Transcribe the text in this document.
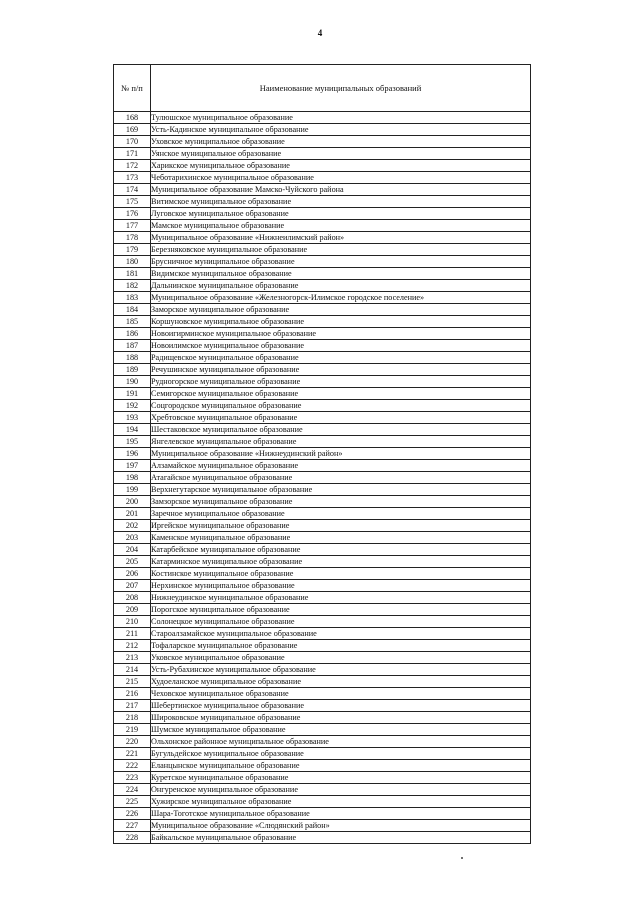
4
№ п/п	Наименование муниципальных образований
168	Тулюшское муниципальное образование
169	Усть-Кадинское муниципальное образование
170	Уховское муниципальное образование
171	Уянское муниципальное образование
172	Харикское муниципальное образование
173	Чеботарихинское муниципальное образование
174	Муниципальное образование Мамско-Чуйского района
175	Витимское муниципальное образование
176	Луговское муниципальное образование
177	Мамское муниципальное образование
178	Муниципальное образование «Нижнеилимский район»
179	Березняковское муниципальное образование
180	Брусничное муниципальное образование
181	Видимское муниципальное образование
182	Дальнинское муниципальное образование
183	Муниципальное образование «Железногорск-Илимское городское поселение»
184	Заморское муниципальное образование
185	Коршуновское муниципальное образование
186	Новоигирминское муниципальное образование
187	Новоилимское муниципальное образование
188	Радищевское муниципальное образование
189	Речушинское муниципальное образование
190	Рудногорское муниципальное образование
191	Семигорское муниципальное образование
192	Соцгородское муниципальное образование
193	Хребтовское муниципальное образование
194	Шестаковское муниципальное образование
195	Янгелевское муниципальное образование
196	Муниципальное образование «Нижнеудинский район»
197	Алзамайское муниципальное образование
198	Атагайское муниципальное образование
199	Верхнегутарское муниципальное образование
200	Замзорское муниципальное образование
201	Заречное муниципальное образование
202	Иргейское муниципальное образование
203	Каменское муниципальное образование
204	Катарбейское муниципальное образование
205	Катарминское муниципальное образование
206	Костинское муниципальное образование
207	Нерхинское муниципальное образование
208	Нижнеудинское муниципальное образование
209	Порогское муниципальное образование
210	Солонецкое муниципальное образование
211	Староалзамайское муниципальное образование
212	Тофаларское муниципальное образование
213	Уковское муниципальное образование
214	Усть-Рубахинское муниципальное образование
215	Худоеланское муниципальное образование
216	Чеховское муниципальное образование
217	Шебертинское муниципальное образование
218	Широковское муниципальное образование
219	Шумское муниципальное образование
220	Ольхонское районное муниципальное образование
221	Бугульдейское муниципальное образование
222	Еланцынское муниципальное образование
223	Куретское муниципальное образование
224	Онгуренское муниципальное образование
225	Хужирское муниципальное образование
226	Шара-Тоготское муниципальное образование
227	Муниципальное образование «Слюдянский район»
228	Байкальское муниципальное образование
